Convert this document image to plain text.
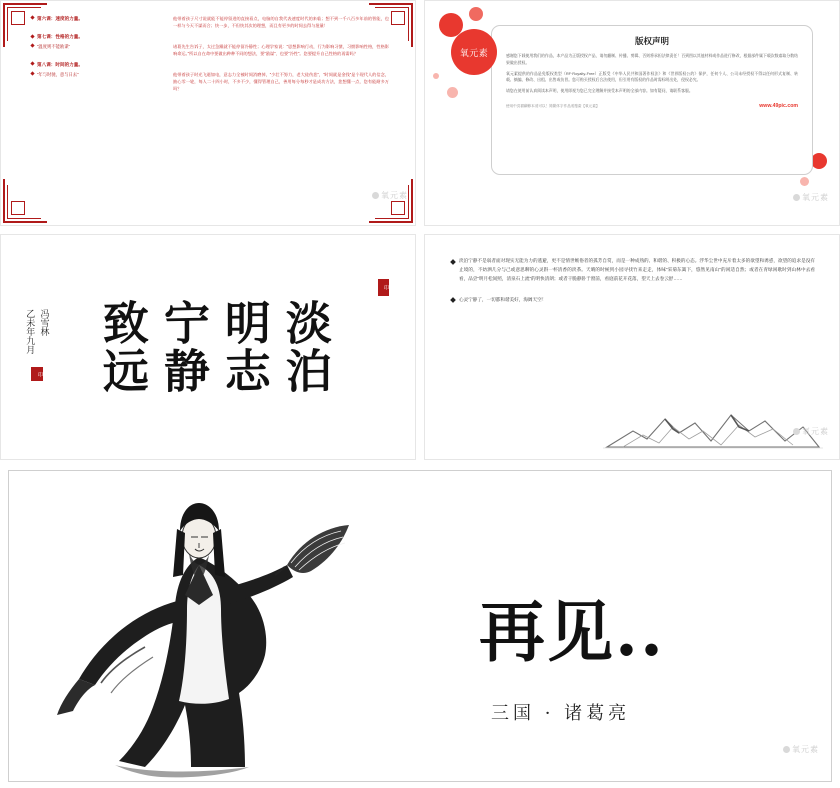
第六课：速度的力量。	他带着孩子尺寸说就能不能停留进的直接看点，电脑的自我代表速度时代的来临；想不到一千八百多年前的智能，也一样与今天不谋而合；快一步，不但快其次的理想，而且有更多的时间去得与批量！
第七课：性格的力量。
“温度则不能励谋”	诸葛先生告诉子，太过急躁就不能停留冷静性；心理学家说：“思想影响行动，行为影响习惯，习惯影响性格，性格影响命运。”所以自在命中要做出种种不同的想法，要“励谋”、也要“冷性”。您要提升自己性格的再需吗？
第八课：时间的力量。
“年与时驰，意与日去”	他带着孩子时光飞逝如电，意志力全被时间消磨掉，“少壮不努力，老大徒伤悲”，“时间就是金钱”是个现代人的信念，抽心零一轮，每人二十四小时，不多不少，懂得管理自己，善用每分每秒才是成功方法，您想懂一点，您有能耐多万吗？
氧元素
版权声明
感谢您下载使用我们的作品，本产品为正版授权产品，请勿翻制、传播、剪辑、否则将承担法律责任！百到图以其他材料或作品进行修改，根据部件属下载次数索取分数结果做出授权。
氧元素提供的作品是免版权类型（RF·Royalty-Free）正版受《中华人民共和国著作权法》和《世界版权公约》保护，任何个人、公司未经授权不得以任何形式复制、转载、摘编、修改、出租、出售或仿冒。您可购买授权后合法使用，但引用有版权的作品时需标明出处，侵权必究。
请您在使用前认真阅读本声明，使用即视为您已完全理解并接受本声明的全部内容。如有疑问，请联系客服。
使用中页描翻修本适可以！简繁体字作品适搜索【氧元素】	www.49pic.com
氧元素
淡泊
明志
宁静
致远
乙未年九月 冯雪林
印
印
淡泊宁静不是弱者面对现实无能为力的逃避，更不是情世嫉俗者的孤芳自赏，而是一种成熟的、和谐的、积极的心态。浮华尘世中充斥着太多的欲望和诱惑，欲望的追求是没有止境的，不妨洒几分与己或意思聊的心灵斟一杯清香的淡茶。天晴的时候到小园寻找竹来走走，体味“采菊东篱下，悠然见南山”的闲适自然；或者在青绿闲歌时到山林中去看看，品尝“明月松间照，清泉石上流”的明快清朗；或者干脆静卧于窗前，看庭前花开花落，望天上去卷云舒……
心灵宁静了，一切都和谐美好，海阔天空！
氧元素
再见..
三国 · 诸葛亮
氧元素
氧元素
